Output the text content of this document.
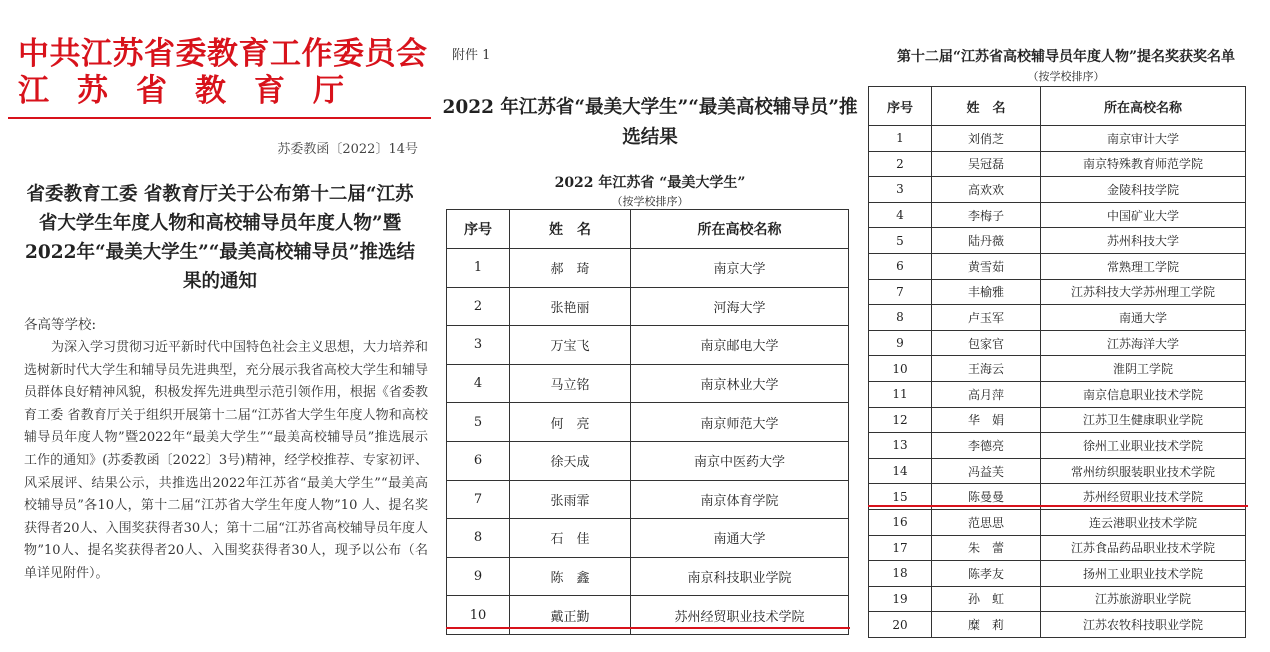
中共江苏省委教育工作委员会
江苏省教育厅
苏委教函〔2022〕14号
省委教育工委 省教育厅关于公布第十二届“江苏省大学生年度人物和高校辅导员年度人物”暨2022年“最美大学生”“最美高校辅导员”推选结果的通知
各高等学校:
为深入学习贯彻习近平新时代中国特色社会主义思想，大力培养和选树新时代大学生和辅导员先进典型，充分展示我省高校大学生和辅导员群体良好精神风貌，积极发挥先进典型示范引领作用，根据《省委教育工委 省教育厅关于组织开展第十二届“江苏省大学生年度人物和高校辅导员年度人物”暨2022年“最美大学生”“最美高校辅导员”推选展示工作的通知》(苏委教函〔2022〕3号)精神，经学校推荐、专家初评、风采展评、结果公示，共推选出2022年江苏省“最美大学生”“最美高校辅导员”各10人，第十二届“江苏省大学生年度人物”10 人、提名奖获得者20人、入围奖获得者30人；第十二届“江苏省高校辅导员年度人物”10人、提名奖获得者20人、入围奖获得者30人，现予以公布（名单详见附件）。
附件 1
2022 年江苏省“最美大学生”“最美高校辅导员”推选结果
2022 年江苏省 “最美大学生”
（按学校排序）
序号	姓　名	所在高校名称
1	郝　琦	南京大学
2	张艳丽	河海大学
3	万宝飞	南京邮电大学
4	马立铭	南京林业大学
5	何　亮	南京师范大学
6	徐天成	南京中医药大学
7	张雨霏	南京体育学院
8	石　佳	南通大学
9	陈　鑫	南京科技职业学院
10	戴正勤	苏州经贸职业技术学院
第十二届“江苏省高校辅导员年度人物”提名奖获奖名单
（按学校排序）
序号	姓　名	所在高校名称
1	刘俏芝	南京审计大学
2	吴冠磊	南京特殊教育师范学院
3	高欢欢	金陵科技学院
4	李梅子	中国矿业大学
5	陆丹薇	苏州科技大学
6	黄雪茹	常熟理工学院
7	丰榆雅	江苏科技大学苏州理工学院
8	卢玉军	南通大学
9	包家官	江苏海洋大学
10	王海云	淮阴工学院
11	高月萍	南京信息职业技术学院
12	华　娟	江苏卫生健康职业学院
13	李德亮	徐州工业职业技术学院
14	冯益芙	常州纺织服装职业技术学院
15	陈曼曼	苏州经贸职业技术学院
16	范思思	连云港职业技术学院
17	朱　蕾	江苏食品药品职业技术学院
18	陈孝友	扬州工业职业技术学院
19	孙　虹	江苏旅游职业学院
20	糜　莉	江苏农牧科技职业学院
